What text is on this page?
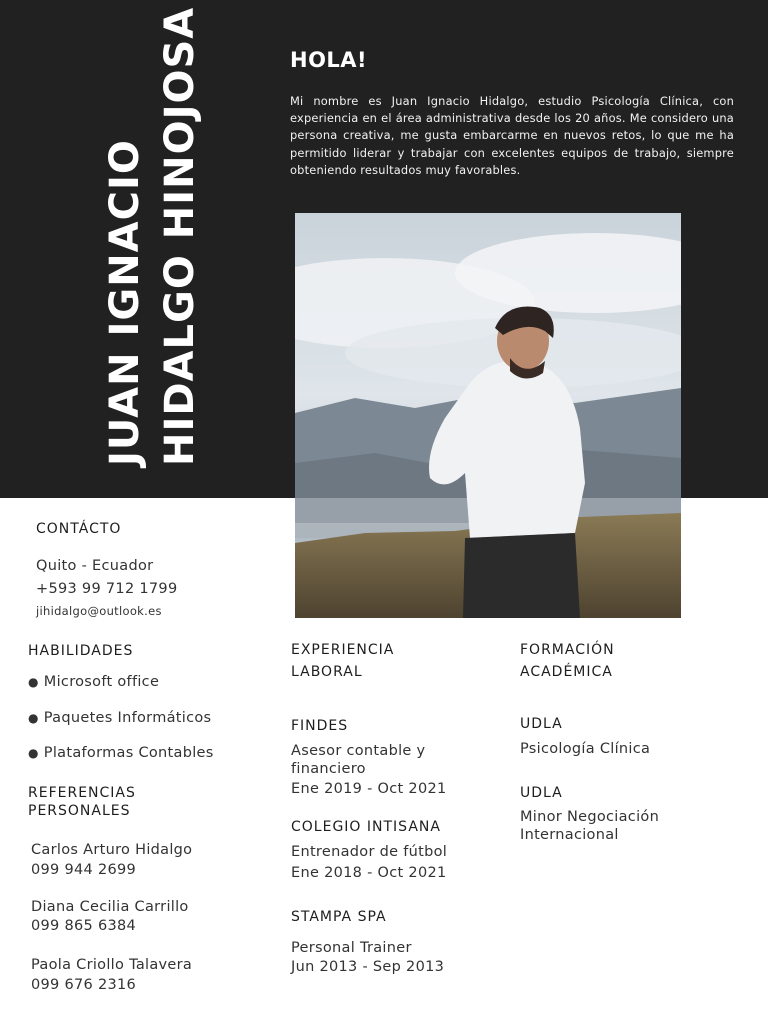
JUAN IGNACIO HIDALGO HINOJOSA	HOLA!

Mi nombre es Juan Ignacio Hidalgo, estudio Psicología Clínica, con experiencia en el área administrativa desde los 20 años. Me considero una persona creativa, me gusta embarcarme en nuevos retos, lo que me ha permitido liderar y trabajar con excelentes equipos de trabajo, siempre obteniendo resultados muy favorables.

CONTÁCTO

Quito - Ecuador

+593 99 712 1799

jihidalgo@outlook.es

HABILIDADES
● Microsoft office
● Paquetes Informáticos
● Plataformas Contables
REFERENCIAS
PERSONALES

Carlos Arturo Hidalgo

099 944 2699

Diana Cecilia Carrillo

099 865 6384

Paola Criollo Talavera

099 676 2316

EXPERIENCIA
LABORAL
FINDES

Asesor contable y

financiero

Ene 2019 - Oct 2021

COLEGIO INTISANA

Entrenador de fútbol

Ene 2018 - Oct 2021

STAMPA SPA

Personal Trainer

Jun 2013 - Sep 2013

FORMACIÓN
ACADÉMICA
UDLA

Psicología Clínica

UDLA

Minor Negociación

Internacional
